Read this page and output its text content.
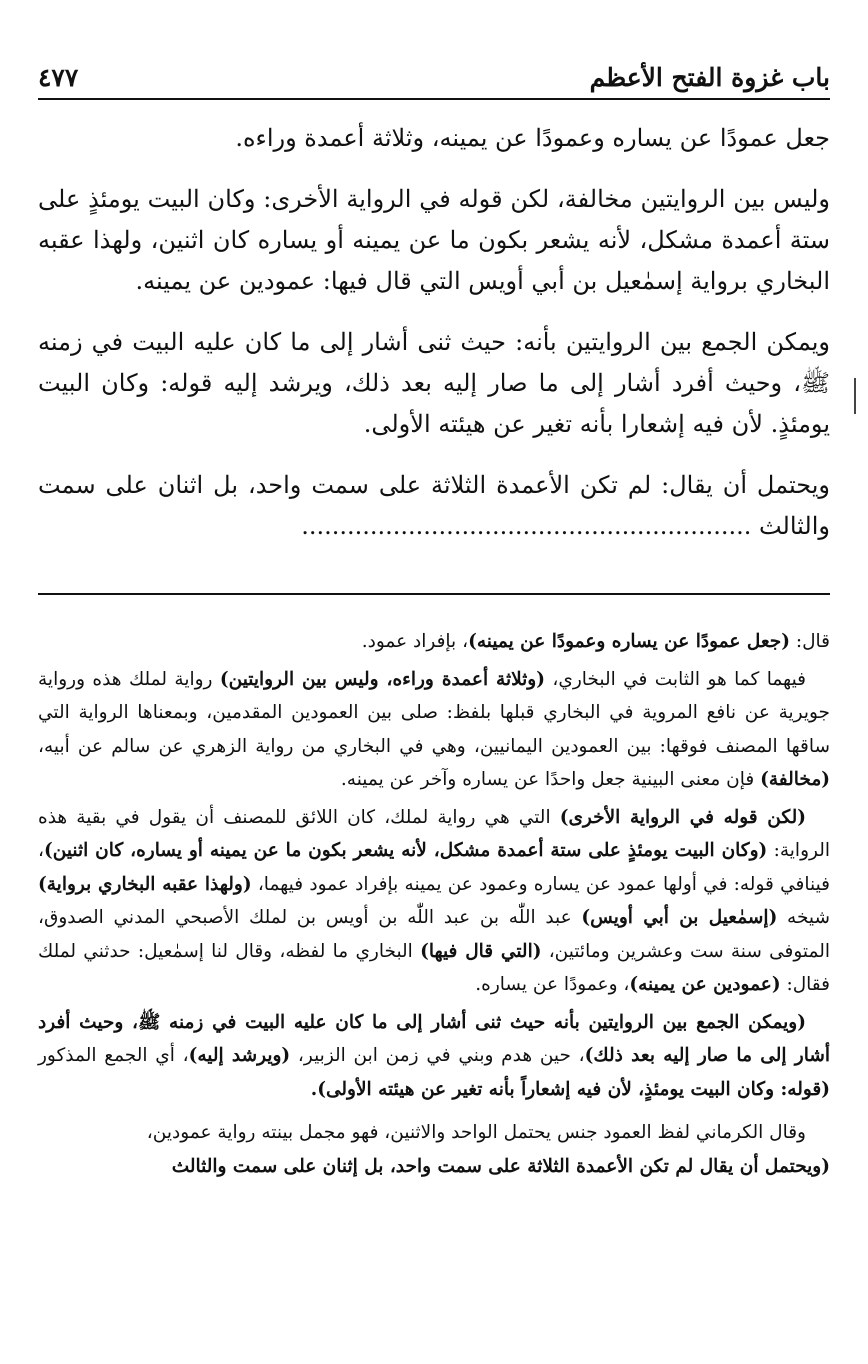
باب غزوة الفتح الأعظم
٤٧٧

جعل عمودًا عن يساره وعمودًا عن يمينه، وثلاثة أعمدة وراءه.

وليس بين الروايتين مخالفة، لكن قوله في الرواية الأخرى: وكان البيت يومئذٍ على ستة أعمدة مشكل، لأنه يشعر بكون ما عن يمينه أو يساره كان اثنين، ولهذا عقبه البخاري برواية إسمٰعيل بن أبي أويس التي قال فيها: عمودين عن يمينه.

ويمكن الجمع بين الروايتين بأنه: حيث ثنى أشار إلى ما كان عليه البيت في زمنه ﷺ، وحيث أفرد أشار إلى ما صار إليه بعد ذلك، ويرشد إليه قوله: وكان البيت يومئذٍ. لأن فيه إشعارا بأنه تغير عن هيئته الأولى.

ويحتمل أن يقال: لم تكن الأعمدة الثلاثة على سمت واحد، بل اثنان على سمت والثالث ...........................................................

قال: (جعل عمودًا عن يساره وعمودًا عن يمينه)، بإفراد عمود.

فيهما كما هو الثابت في البخاري، (وثلاثة أعمدة وراءه، وليس بين الروايتين) رواية لملك هذه ورواية جويرية عن نافع المروية في البخاري قبلها بلفظ: صلى بين العمودين المقدمين، وبمعناها الرواية التي ساقها المصنف فوقها: بين العمودين اليمانيين، وهي في البخاري من رواية الزهري عن سالم عن أبيه، (مخالفة) فإن معنى البينية جعل واحدًا عن يساره وآخر عن يمينه.

(لكن قوله في الرواية الأخرى) التي هي رواية لملك، كان اللائق للمصنف أن يقول في بقية هذه الرواية: (وكان البيت يومئذٍ على ستة أعمدة مشكل، لأنه يشعر بكون ما عن يمينه أو يساره، كان اثنين)، فينافي قوله: في أولها عمود عن يساره وعمود عن يمينه بإفراد عمود فيهما، (ولهذا عقبه البخاري برواية) شيخه (إسمٰعيل بن أبي أويس) عبد اللّٰه بن عبد اللّٰه بن أويس بن لملك الأصبحي المدني الصدوق، المتوفى سنة ست وعشرين ومائتين، (التي قال فيها) البخاري ما لفظه، وقال لنا إسمٰعيل: حدثني لملك فقال: (عمودين عن يمينه)، وعمودًا عن يساره.

(ويمكن الجمع بين الروايتين بأنه حيث ثنى أشار إلى ما كان عليه البيت في زمنه ﷺ، وحيث أفرد أشار إلى ما صار إليه بعد ذلك)، حين هدم وبني في زمن ابن الزبير، (ويرشد إليه)، أي الجمع المذكور (قوله: وكان البيت يومئذٍ، لأن فيه إشعاراً بأنه تغير عن هيئته الأولى).

وقال الكرماني لفظ العمود جنس يحتمل الواحد والاثنين، فهو مجمل بينته رواية عمودين،
(ويحتمل أن يقال لم تكن الأعمدة الثلاثة على سمت واحد، بل إثنان على سمت والثالث
